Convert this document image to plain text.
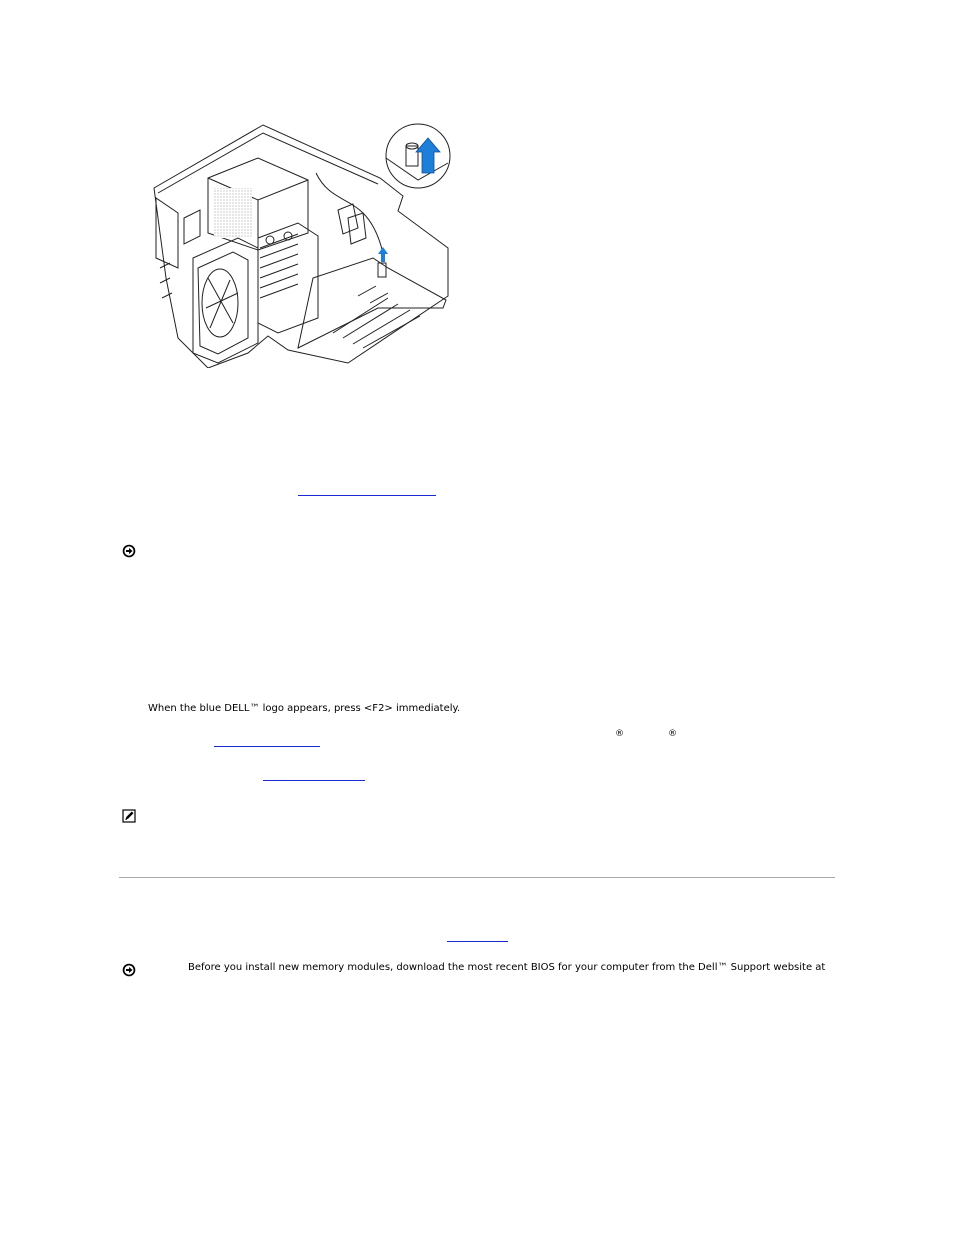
When the blue DELL™ logo appears, press <F2> immediately.
®	®
Before you install new memory modules, download the most recent BIOS for your computer from the Dell™ Support website at
